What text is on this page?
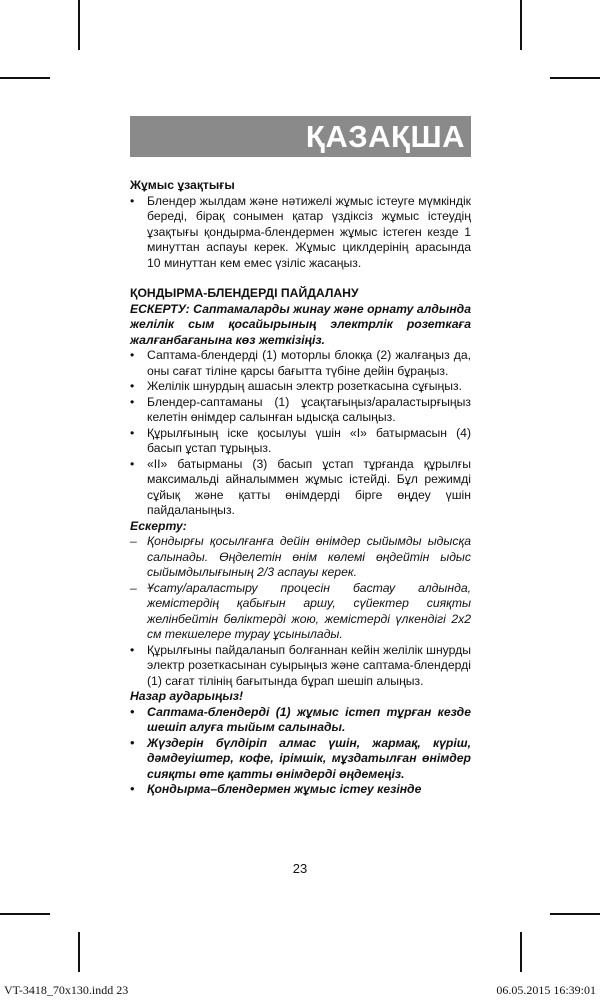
ҚАЗАҚША

Жұмыс ұзақтығы

•	Блендер жылдам және нәтижелі жұмыс істеуге мүмкіндік береді, бірақ сонымен қатар үздіксіз жұмыс істеудің ұзақтығы қондырма-блендермен жұмыс істеген кезде 1 минуттан аспауы керек. Жұмыс циклдерінің арасында 10 минуттан кем емес үзіліс жасаңыз.

ҚОНДЫРМА-БЛЕНДЕРДІ ПАЙДАЛАНУ

ЕСКЕРТУ: Саптамаларды жинау және орнату алдында желілік сым қосайырының электрлік розеткаға жалғанбағанына көз жеткізіңіз.

•	Саптама-блендерді (1) моторлы блокқа (2) жалғаңыз да, оны сағат тіліне қарсы бағытта түбіне дейін бұраңыз.
•	Желілік шнурдың ашасын электр розеткасына сұғыңыз.
•	Блендер-саптаманы (1) ұсақтағыңыз/араластырғыңыз келетін өнімдер салынған ыдысқа салыңыз.
•	Құрылғының іске қосылуы үшін «I» батырмасын (4) басып ұстап тұрыңыз.
•	«II» батырманы (3) басып ұстап тұрғанда құрылғы максимальді айналыммен жұмыс істейді. Бұл режимді сұйық және қатты өнімдерді бірге өңдеу үшін пайдаланыңыз.

Ескерту:

– Қондырғы қосылғанға дейін өнімдер сыйымды ыдысқа салынады. Өңделетін өнім көлемі өңдейтін ыдыс сыйымдылығының 2/3 аспауы керек.
– Ұсату/араластыру процесін бастау алдында, жемістердің қабығын аршу, сүйектер сияқты желінбейтін бөліктерді жою, жемістерді үлкендігі 2х2 см текшелере турау ұсынылады.
•	Құрылғыны пайдаланып болғаннан кейін желілік шнурды электр розеткасынан суырыңыз және саптама-блендерді (1) сағат тілінің бағытында бұрап шешіп алыңыз.

Назар аударыңыз!

•	Саптама-блендерді (1) жұмыс істеп тұрған кезде шешіп алуға тыйым салынады.
•	Жүздерін бүлдіріп алмас үшін, жармақ, күріш, дәмдеуіштер, кофе, ірімшік, мұздатылған өнімдер сияқты өте қатты өнімдерді өңдемеңіз.
•	Қондырма–блендермен жұмыс істеу кезінде
23
VT-3418_70x130.indd 23	06.05.2015 16:39:01
